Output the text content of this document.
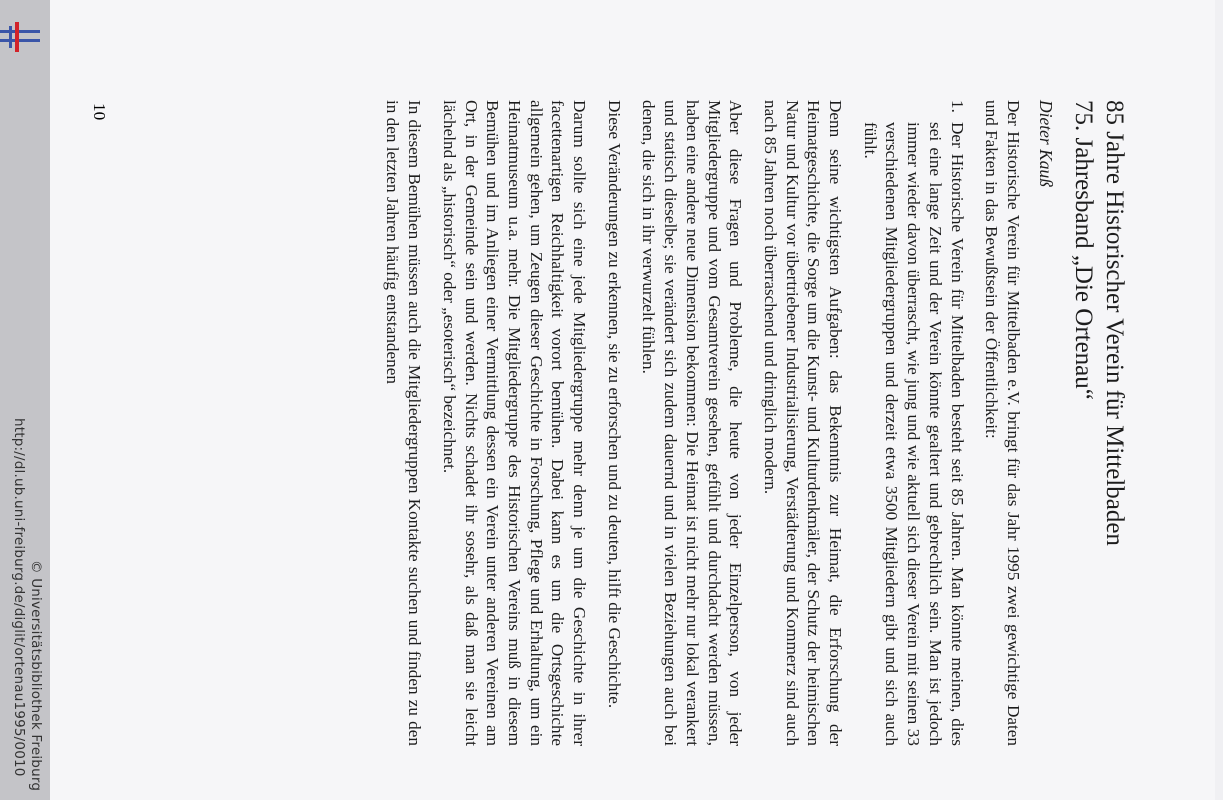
http://dl.ub.uni-freiburg.de/diglit/ortenau1995/0010 © Universitätsbibliothek Freiburg
10	85 Jahre Historischer Verein für Mittelbaden
75. Jahresband „Die Ortenau“
Dieter Kauß

Der Historische Verein für Mittelbaden e.V. bringt für das Jahr 1995 zwei gewichtige Daten und Fakten in das Bewußtsein der Öffentlichkeit:

1.
Der Historische Verein für Mittelbaden besteht seit 85 Jahren. Man könnte meinen, dies sei eine lange Zeit und der Verein könnte gealtert und gebrechlich sein. Man ist jedoch immer wieder davon überrascht, wie jung und wie aktuell sich dieser Verein mit seinen 33 verschiedenen Mitgliedergruppen und derzeit etwa 3500 Mitgliedern gibt und sich auch fühlt.

Denn seine wichtigsten Aufgaben: das Bekenntnis zur Heimat, die Erforschung der Heimatgeschichte, die Sorge um die Kunst- und Kulturdenkmäler, der Schutz der heimischen Natur und Kultur vor übertriebener Industrialisierung, Verstädterung und Kommerz sind auch nach 85 Jahren noch überraschend und dringlich modern.

Aber diese Fragen und Probleme, die heute von jeder Einzelperson, von jeder Mitgliedergruppe und vom Gesamtverein gesehen, gefühlt und durchdacht werden müssen, haben eine andere neue Dimension bekommen: Die Heimat ist nicht mehr nur lokal verankert und statisch dieselbe; sie verändert sich zudem dauernd und in vielen Beziehungen auch bei denen, die sich in ihr verwurzelt fühlen.

Diese Veränderungen zu erkennen, sie zu erforschen und zu deuten, hilft die Geschichte.

Darum sollte sich eine jede Mitgliedergruppe mehr denn je um die Geschichte in ihrer facettenartigen Reichhaltigkeit vorort bemühen. Dabei kann es um die Ortsgeschichte allgemein gehen, um Zeugen dieser Geschichte in Forschung, Pflege und Erhaltung, um ein Heimatmuseum u.a. mehr. Die Mitgliedergruppe des Historischen Vereins muß in diesem Bemühen und im Anliegen einer Vermittlung dessen ein Verein unter anderen Vereinen am Ort, in der Gemeinde sein und werden. Nichts schadet ihr sosehr, als daß man sie leicht lächelnd als „historisch“ oder „esoterisch“ bezeichnet.

In diesem Bemühen müssen auch die Mitgliedergruppen Kontakte suchen und finden zu den in den letzten Jahren häufig entstandenen
